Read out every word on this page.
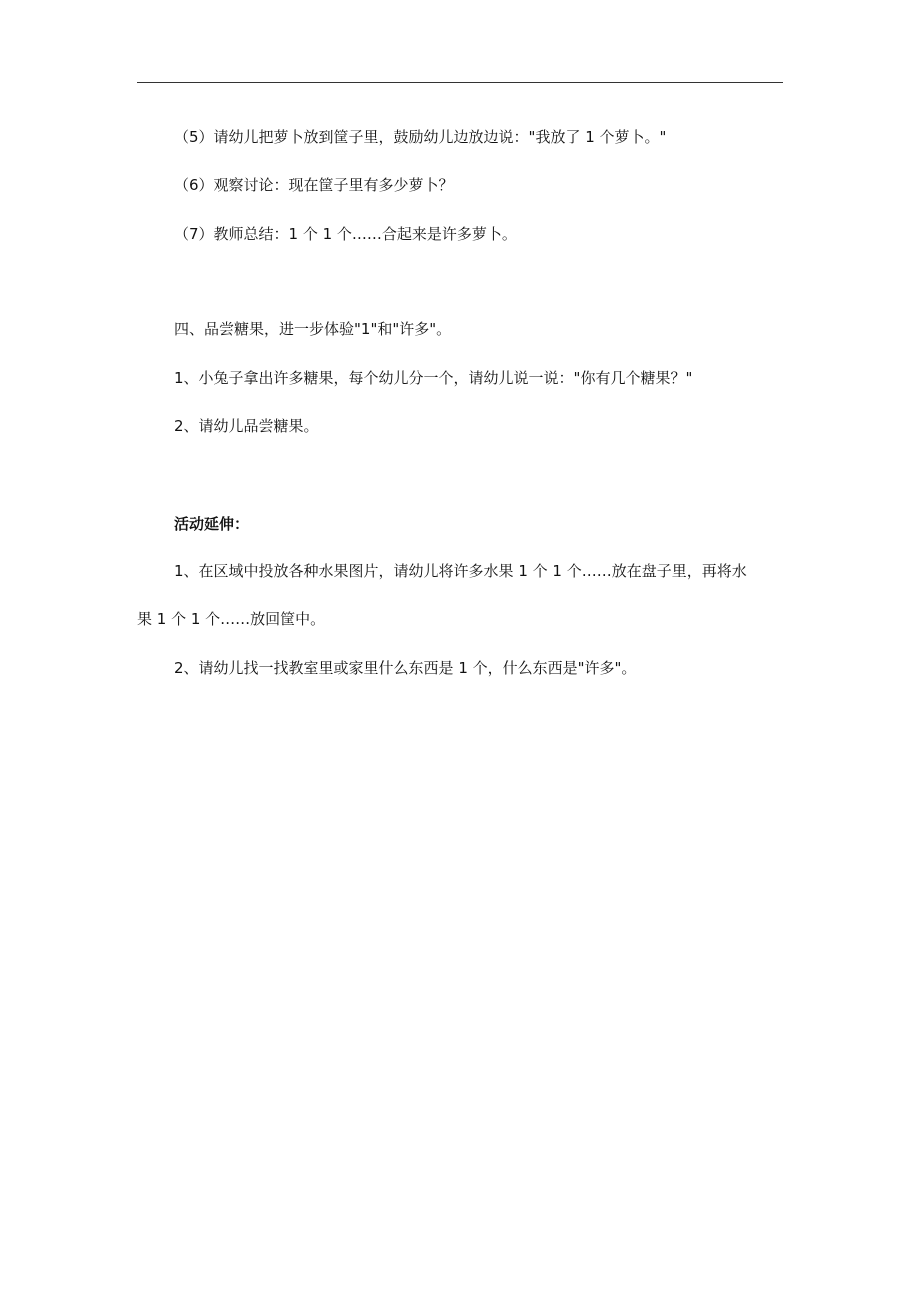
（5）请幼儿把萝卜放到筐子里，鼓励幼儿边放边说："我放了 1 个萝卜。"
（6）观察讨论：现在筐子里有多少萝卜？
（7）教师总结：1 个 1 个……合起来是许多萝卜。
四、品尝糖果，进一步体验"1"和"许多"。
1、小兔子拿出许多糖果，每个幼儿分一个，请幼儿说一说："你有几个糖果？"
2、请幼儿品尝糖果。
活动延伸：
1、在区域中投放各种水果图片，请幼儿将许多水果 1 个 1 个……放在盘子里，再将水
果 1 个 1 个……放回筐中。
2、请幼儿找一找教室里或家里什么东西是 1 个，什么东西是"许多"。
